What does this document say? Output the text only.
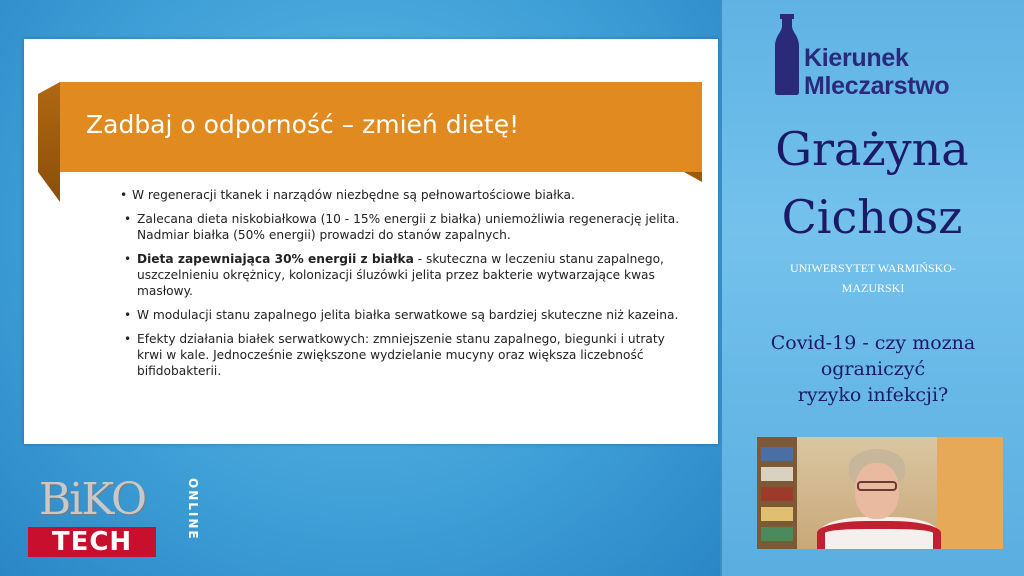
Zadbaj o odporność – zmień dietę!
• W regeneracji tkanek i narządów niezbędne są pełnowartościowe białka.
• Zalecana dieta niskobiałkowa (10 - 15% energii z białka) uniemożliwia regenerację jelita. Nadmiar białka (50% energii) prowadzi do stanów zapalnych.
• Dieta zapewniająca 30% energii z białka - skuteczna w leczeniu stanu zapalnego, uszczelnieniu okrężnicy, kolonizacji śluzówki jelita przez bakterie wytwarzające kwas masłowy.
• W modulacji stanu zapalnego jelita białka serwatkowe są bardziej skuteczne niż kazeina.
• Efekty działania białek serwatkowych: zmniejszenie stanu zapalnego, biegunki i utraty krwi w kale. Jednocześnie zwiększone wydzielanie mucyny oraz większa liczebność bifidobakterii.
Kierunek
Mleczarstwo
Grażyna
Cichosz
UNIWERSYTET WARMIŃSKO-
MAZURSKI
Covid-19 - czy mozna
ograniczyć
ryzyko infekcji?
BiKO
TECH
ONLINE
